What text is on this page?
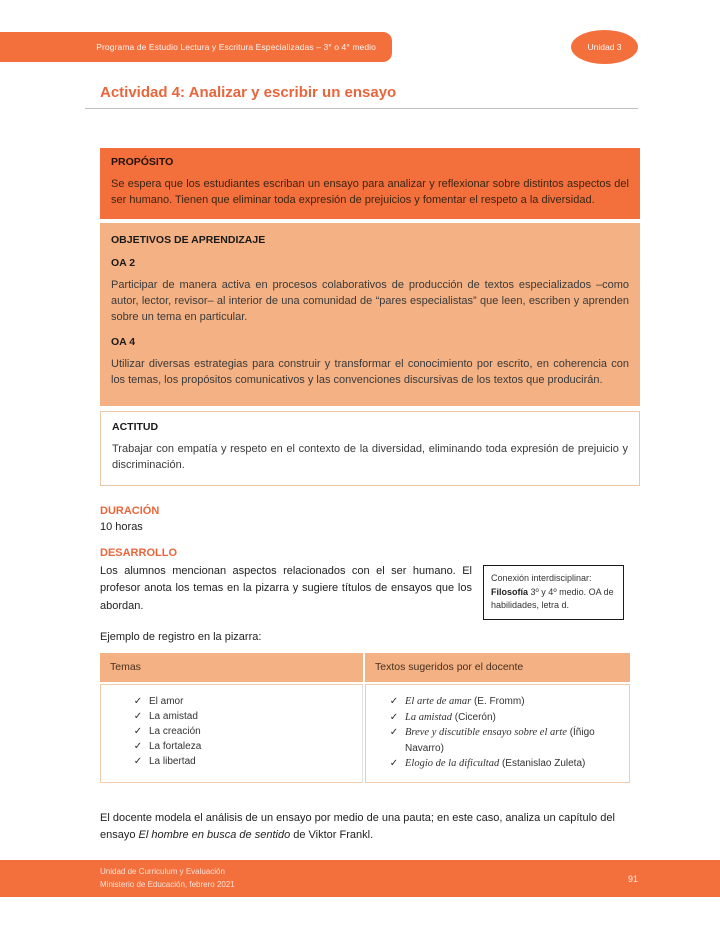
Programa de Estudio Lectura y Escritura Especializadas – 3° o 4° medio	Unidad 3
Actividad 4: Analizar y escribir un ensayo
PROPÓSITO

Se espera que los estudiantes escriban un ensayo para analizar y reflexionar sobre distintos aspectos del ser humano. Tienen que eliminar toda expresión de prejuicios y fomentar el respeto a la diversidad.

OBJETIVOS DE APRENDIZAJE
OA 2

Participar de manera activa en procesos colaborativos de producción de textos especializados –como autor, lector, revisor– al interior de una comunidad de “pares especialistas” que leen, escriben y aprenden sobre un tema en particular.

OA 4

Utilizar diversas estrategias para construir y transformar el conocimiento por escrito, en coherencia con los temas, los propósitos comunicativos y las convenciones discursivas de los textos que producirán.

ACTITUD

Trabajar con empatía y respeto en el contexto de la diversidad, eliminando toda expresión de prejuicio y discriminación.

DURACIÓN

10 horas

DESARROLLO

Los alumnos mencionan aspectos relacionados con el ser humano. El profesor anota los temas en la pizarra y sugiere títulos de ensayos que los abordan.

Conexión interdisciplinar:
Filosofía 3º y 4º medio. OA de habilidades, letra d.

Ejemplo de registro en la pizarra:

Temas	Textos sugeridos por el docente
✓ El amor
✓ La amistad
✓ La creación
✓ La fortaleza
✓ La libertad
✓ El arte de amar (E. Fromm)
✓ La amistad (Cicerón)
✓ Breve y discutible ensayo sobre el arte (Íñigo Navarro)
✓ Elogio de la dificultad (Estanislao Zuleta)

El docente modela el análisis de un ensayo por medio de una pauta; en este caso, analiza un capítulo del ensayo El hombre en busca de sentido de Viktor Frankl.

Unidad de Curriculum y Evaluación
Ministerio de Educación, febrero 2021
91
